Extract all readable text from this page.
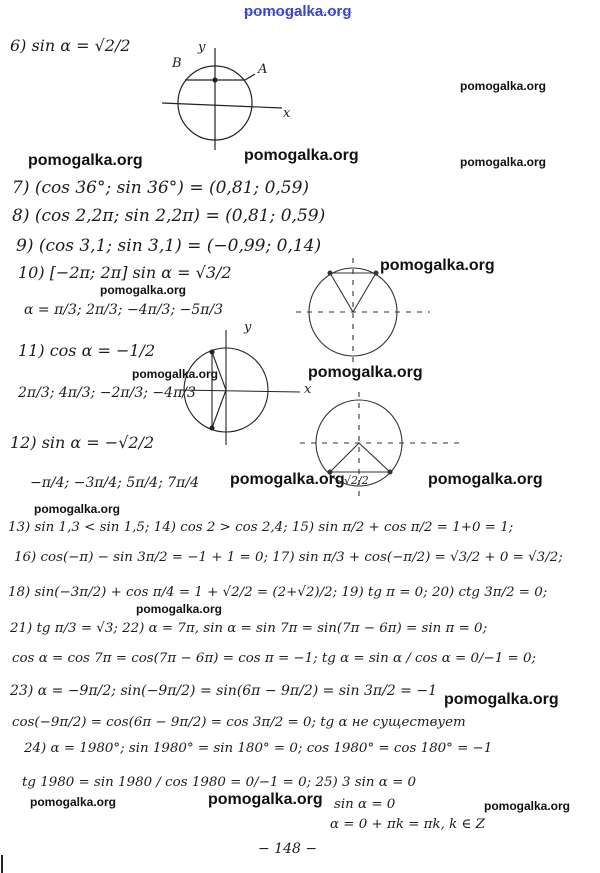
y
B	A
x
y
x
√2/2
pomogalka.org
6) sin α = √2/2
7) (cos 36°; sin 36°) = (0,81; 0,59)
8) (cos 2,2π; sin 2,2π) = (0,81; 0,59)
9) (cos 3,1; sin 3,1) = (−0,99; 0,14)
10) [−2π; 2π] sin α = √3/2
α = π/3; 2π/3; −4π/3; −5π/3
11) cos α = −1/2
2π/3; 4π/3; −2π/3; −4π/3
12) sin α = −√2/2
−π/4; −3π/4; 5π/4; 7π/4
13) sin 1,3 < sin 1,5; 14) cos 2 > cos 2,4; 15) sin π/2 + cos π/2 = 1+0 = 1;
16) cos(−π) − sin 3π/2 = −1 + 1 = 0; 17) sin π/3 + cos(−π/2) = √3/2 + 0 = √3/2;
18) sin(−3π/2) + cos π/4 = 1 + √2/2 = (2+√2)/2; 19) tg π = 0; 20) ctg 3π/2 = 0;
21) tg π/3 = √3; 22) α = 7π, sin α = sin 7π = sin(7π − 6π) = sin π = 0;
cos α = cos 7π = cos(7π − 6π) = cos π = −1; tg α = sin α / cos α = 0/−1 = 0;
23) α = −9π/2; sin(−9π/2) = sin(6π − 9π/2) = sin 3π/2 = −1
cos(−9π/2) = cos(6π − 9π/2) = cos 3π/2 = 0; tg α не существует
24) α = 1980°; sin 1980° = sin 180° = 0; cos 1980° = cos 180° = −1
tg 1980 = sin 1980 / cos 1980 = 0/−1 = 0; 25) 3 sin α = 0
sin α = 0
α = 0 + πk = πk, k ∈ Z
− 148 −
pomogalka.org
pomogalka.org	pomogalka.org	pomogalka.org
pomogalka.org
pomogalka.org
pomogalka.org	pomogalka.org
pomogalka.org	pomogalka.org
pomogalka.org
pomogalka.org
pomogalka.org
pomogalka.org	pomogalka.org	pomogalka.org
